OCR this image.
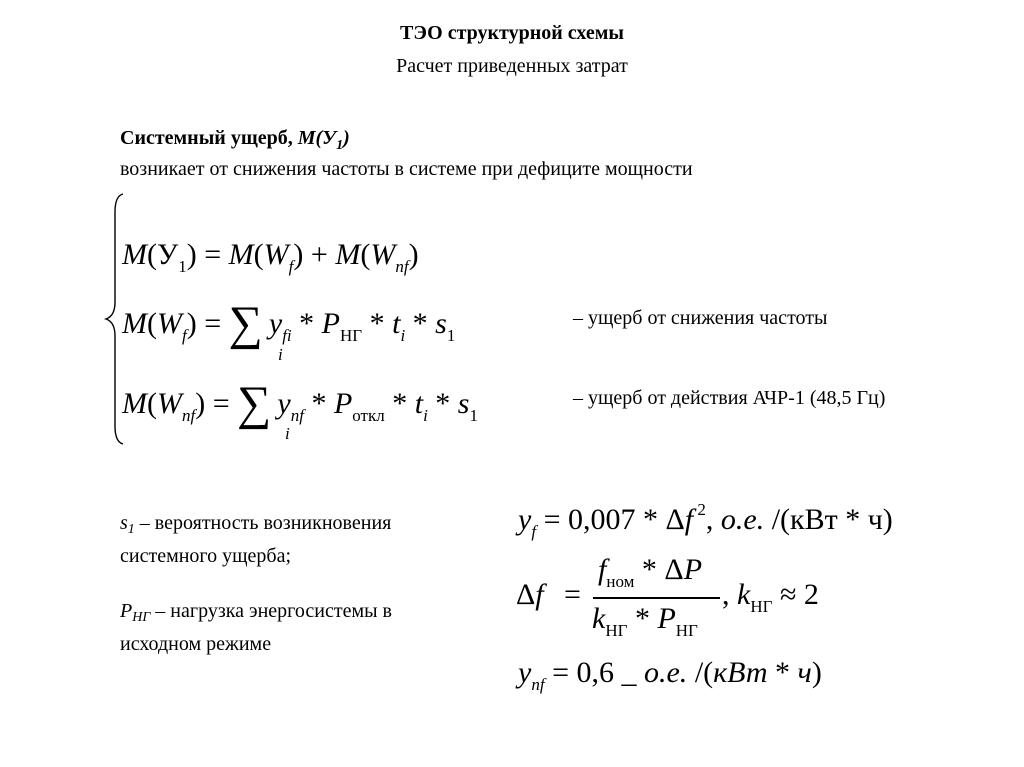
ТЭО структурной схемы
Расчет приведенных затрат
Системный ущерб, $М(У_1)$
возникает от снижения частоты в системе при дефиците мощности
$M(У_1) = M(W_f) + M(W_{nf})$
$M(W_f)$ = ∑ $y_{fi} * P_{НГ} * t_i * s_1$
i
– ущерб от снижения частоты
$M(W_{nf})$ = ∑ $y_{пf} * P_{откл} * t_i * s_1$
i
– ущерб от действия АЧР-1 (48,5 Гц)
$s_1$ – вероятность возникновения
системного ущерба;
$P_{НГ}$ – нагрузка энергосистемы в
исходном режиме
$y_f = 0,007 * \Delta f$ $^2$, о.е. /(кВт * ч)
Δf =
$f_{ном}$ * ΔP
$k_{НГ} * P_{НГ}$
, $k_{НГ} \approx 2$
$y_{пf} = 0,6$ _ о.е. /(кВт * ч)
